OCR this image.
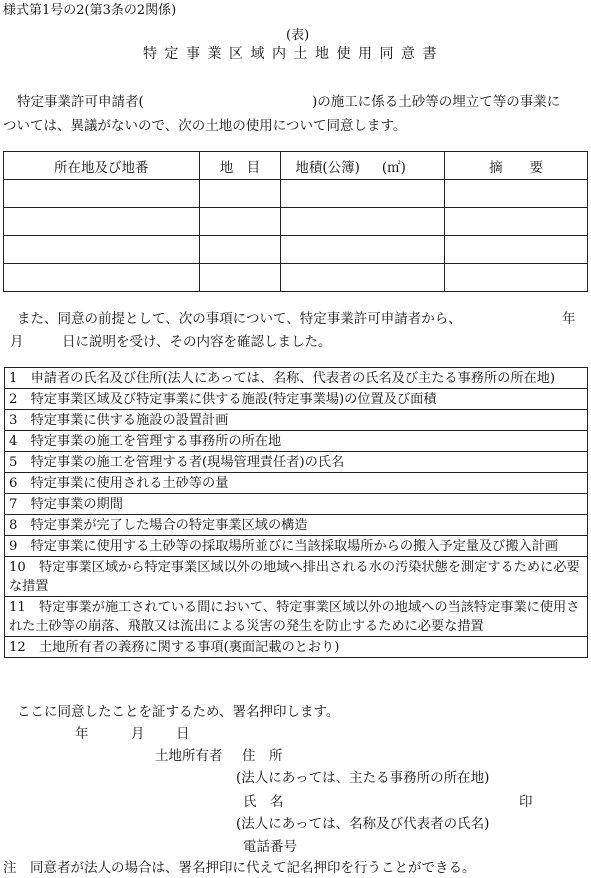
様式第1号の2(第3条の2関係)
(表)
特定事業区域内土地使用同意書
特定事業許可申請者(	)の施工に係る土砂等の埋立て等の事業に
ついては、異議がないので、次の土地の使用について同意します。
所在地及び地番	地　目	地積(公簿) (㎡)	摘　　要

また、同意の前提として、次の事項について、特定事業許可申請者から、	年
月	日に説明を受け、その内容を確認しました。
1　申請者の氏名及び住所(法人にあっては、名称、代表者の氏名及び主たる事務所の所在地)
2　特定事業区域及び特定事業に供する施設(特定事業場)の位置及び面積
3　特定事業に供する施設の設置計画
4　特定事業の施工を管理する事務所の所在地
5　特定事業の施工を管理する者(現場管理責任者)の氏名
6　特定事業に使用される土砂等の量
7　特定事業の期間
8　特定事業が完了した場合の特定事業区域の構造
9　特定事業に使用する土砂等の採取場所並びに当該採取場所からの搬入予定量及び搬入計画
10　特定事業区域から特定事業区域以外の地域へ排出される水の汚染状態を測定するために必要な措置
11　特定事業が施工されている間において、特定事業区域以外の地域への当該特定事業に使用された土砂等の崩落、飛散又は流出による災害の発生を防止するために必要な措置
12　土地所有者の義務に関する事項(裏面記載のとおり)
ここに同意したことを証するため、署名押印します。
年	月 日
土地所有者 住　所
(法人にあっては、主たる事務所の所在地)
氏　名	印
(法人にあっては、名称及び代表者の氏名)
電話番号
注　同意者が法人の場合は、署名押印に代えて記名押印を行うことができる。
